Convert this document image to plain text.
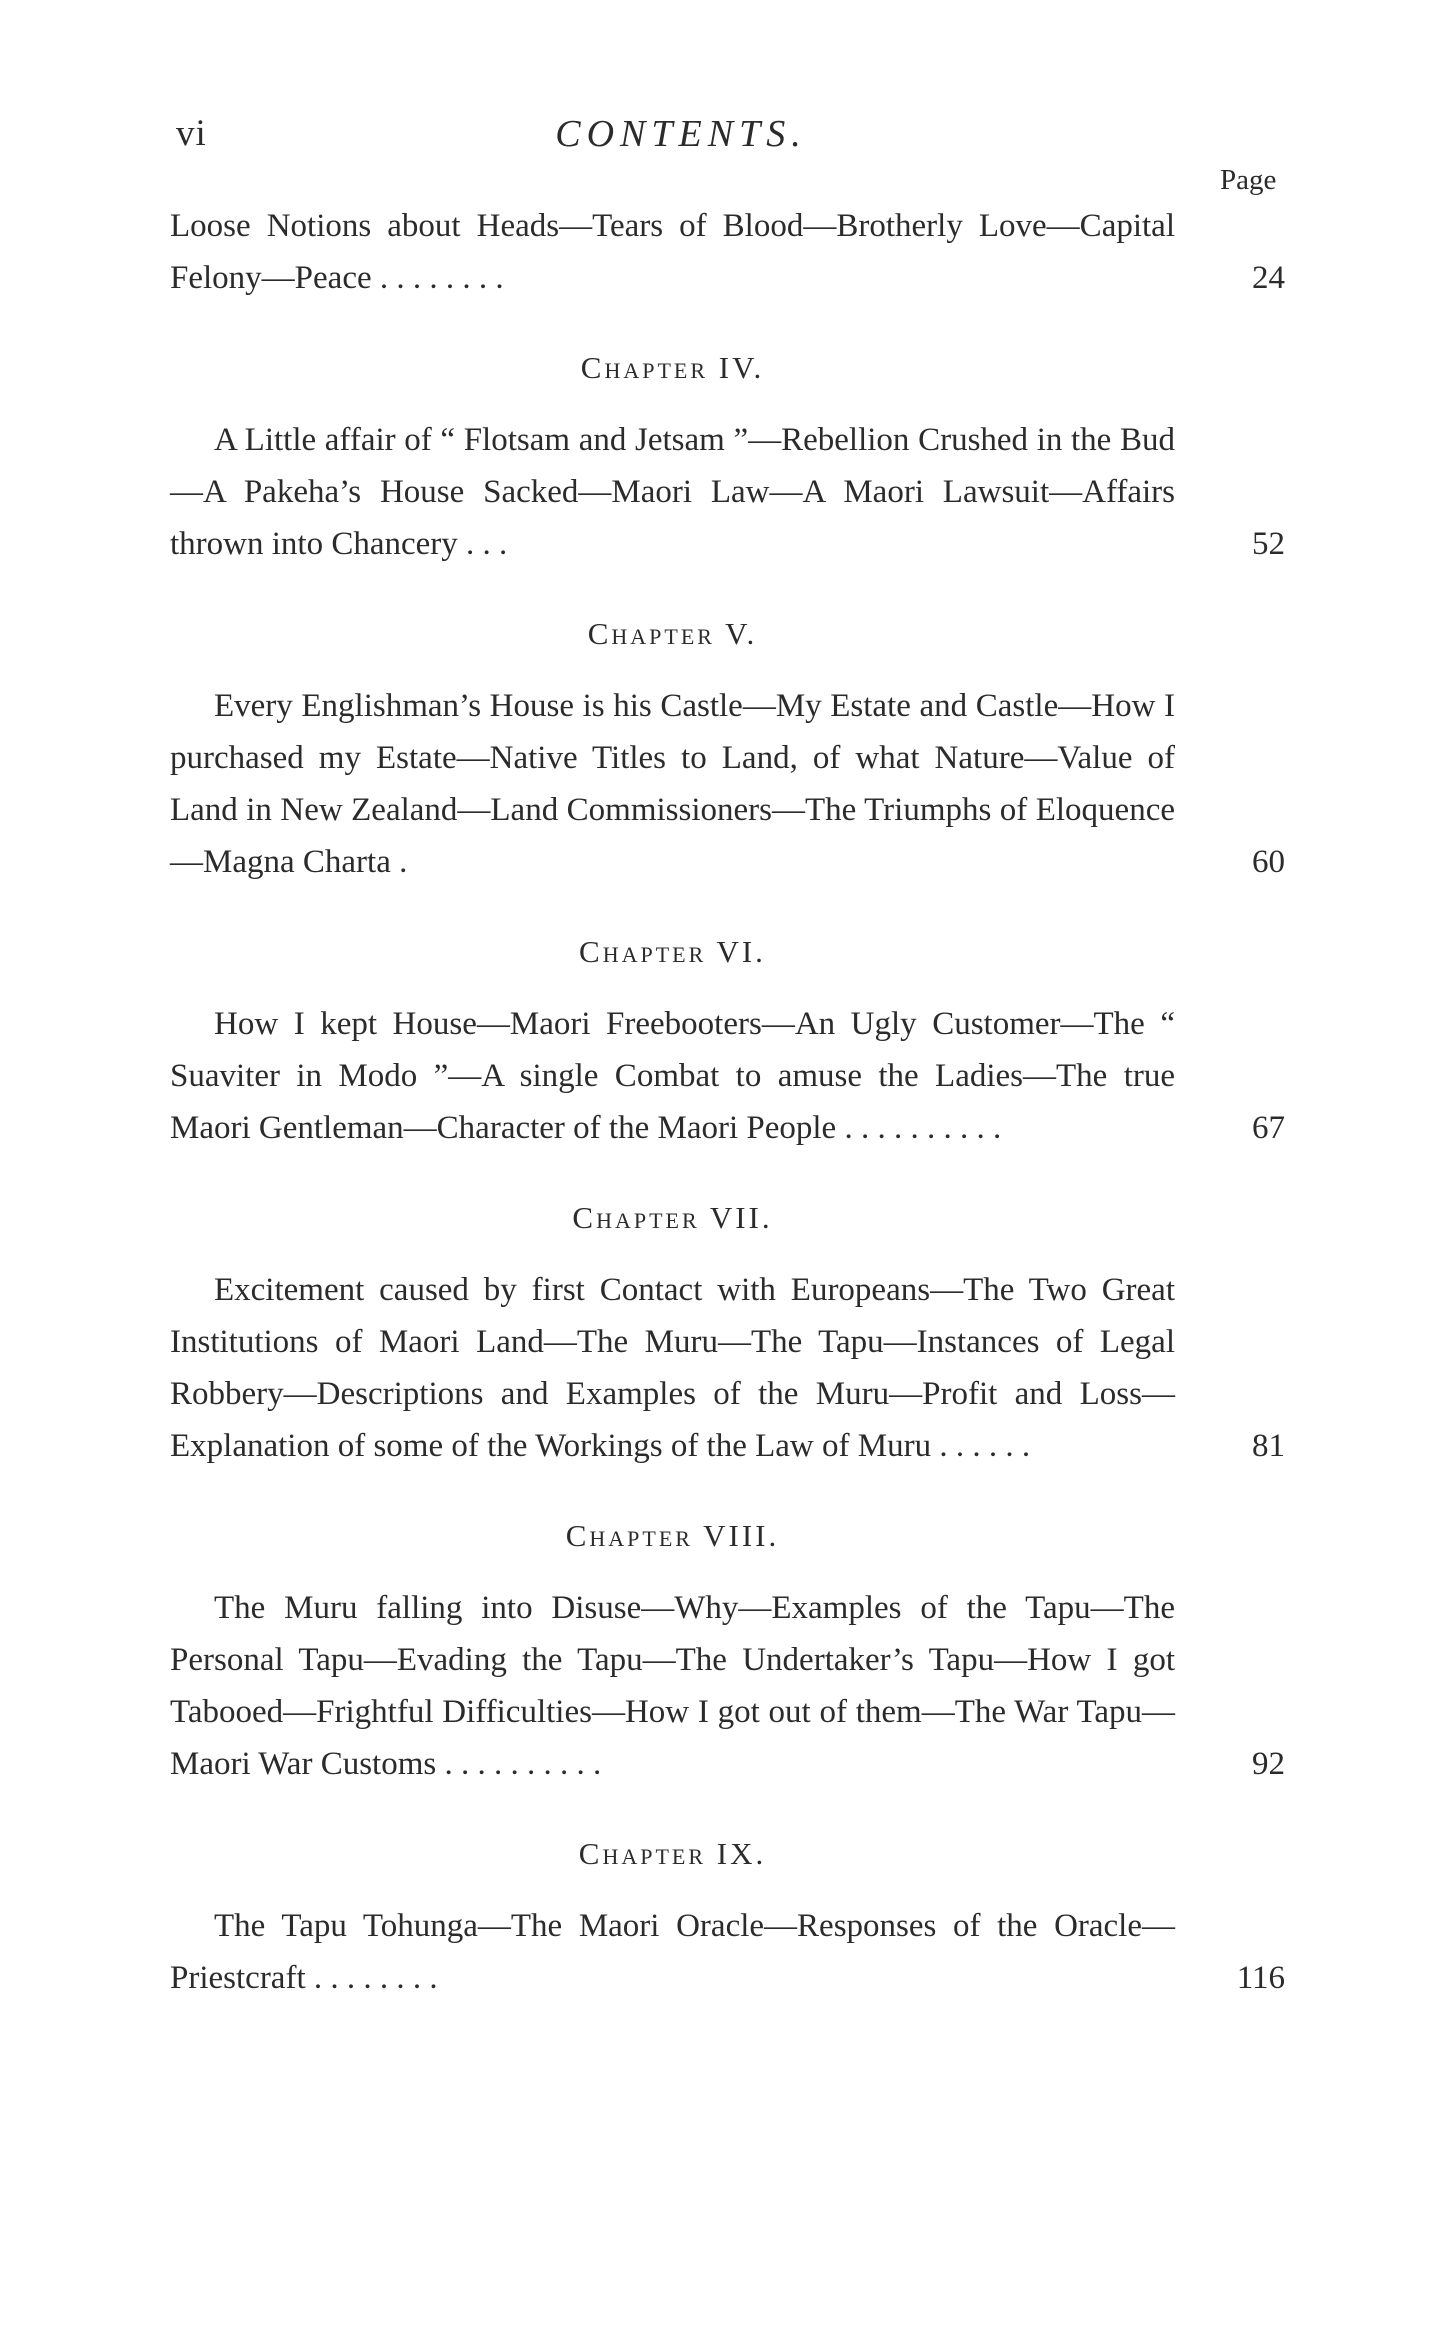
vi	CONTENTS.
Page
Loose Notions about Heads—Tears of Blood—Brotherly Love—Capital Felony—Peace . . . . . . . .	24
Chapter IV.
A Little affair of “ Flotsam and Jetsam ”—Rebellion Crushed in the Bud—A Pakeha’s House Sacked—Maori Law—A Maori Lawsuit—Affairs thrown into Chancery . . .	52
Chapter V.
Every Englishman’s House is his Castle—My Estate and Castle—How I purchased my Estate—Native Titles to Land, of what Nature—Value of Land in New Zealand—Land Commissioners—The Triumphs of Eloquence—Magna Charta .	60
Chapter VI.
How I kept House—Maori Freebooters—An Ugly Customer—The “ Suaviter in Modo ”—A single Combat to amuse the Ladies—The true Maori Gentleman—Character of the Maori People . . . . . . . . . .	67
Chapter VII.
Excitement caused by first Contact with Europeans—The Two Great Institutions of Maori Land—The Muru—The Tapu—Instances of Legal Robbery—Descriptions and Examples of the Muru—Profit and Loss—Explanation of some of the Workings of the Law of Muru . . . . . .	81
Chapter VIII.
The Muru falling into Disuse—Why—Examples of the Tapu—The Personal Tapu—Evading the Tapu—The Undertaker’s Tapu—How I got Tabooed—Frightful Difficulties—How I got out of them—The War Tapu—Maori War Customs . . . . . . . . . .	92
Chapter IX.
The Tapu Tohunga—The Maori Oracle—Responses of the Oracle—Priestcraft . . . . . . . .	116
